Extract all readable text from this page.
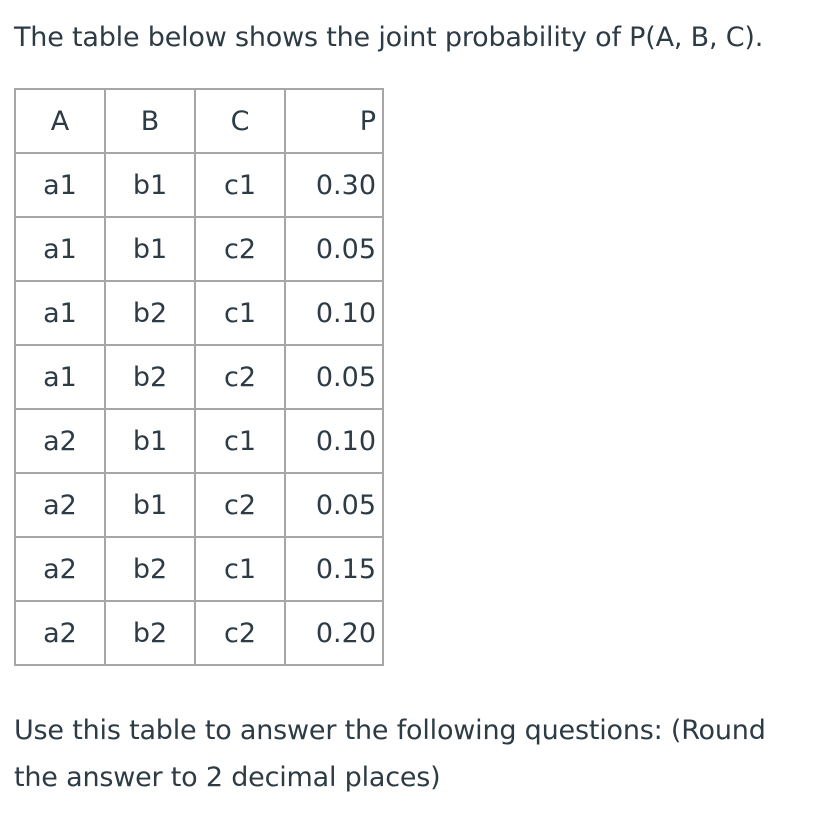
The table below shows the joint probability of P(A, B, C).

A	B	C	P
a1	b1	c1	0.30
a1	b1	c2	0.05
a1	b2	c1	0.10
a1	b2	c2	0.05
a2	b1	c1	0.10
a2	b1	c2	0.05
a2	b2	c1	0.15
a2	b2	c2	0.20

Use this table to answer the following questions: (Round the answer to 2 decimal places)
